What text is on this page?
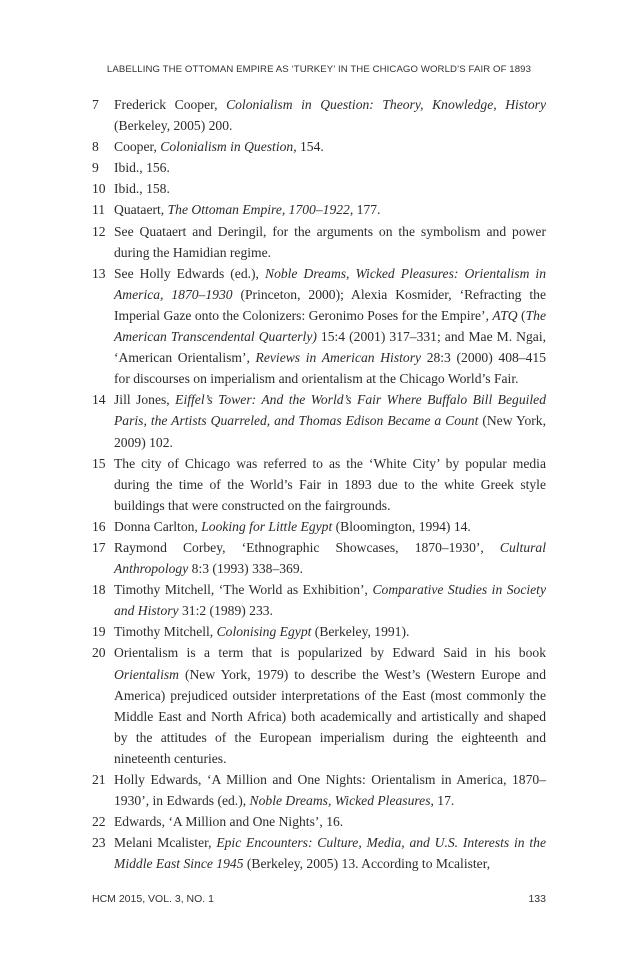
LABELLING THE OTTOMAN EMPIRE AS ‘TURKEY’ IN THE CHICAGO WORLD’S FAIR OF 1893
7 Frederick Cooper, Colonialism in Question: Theory, Knowledge, History (Berkeley, 2005) 200.
8 Cooper, Colonialism in Question, 154.
9 Ibid., 156.
10 Ibid., 158.
11 Quataert, The Ottoman Empire, 1700–1922, 177.
12 See Quataert and Deringil, for the arguments on the symbolism and power during the Hamidian regime.
13 See Holly Edwards (ed.), Noble Dreams, Wicked Pleasures: Orientalism in America, 1870–1930 (Princeton, 2000); Alexia Kosmider, ‘Refracting the Imperial Gaze onto the Colonizers: Geronimo Poses for the Empire’, ATQ (The American Transcendental Quarterly) 15:4 (2001) 317–331; and Mae M. Ngai, ‘American Orientalism’, Reviews in American History 28:3 (2000) 408–415 for discourses on imperialism and orientalism at the Chicago World’s Fair.
14 Jill Jones, Eiffel’s Tower: And the World’s Fair Where Buffalo Bill Beguiled Paris, the Artists Quarreled, and Thomas Edison Became a Count (New York, 2009) 102.
15 The city of Chicago was referred to as the ‘White City’ by popular media during the time of the World’s Fair in 1893 due to the white Greek style buildings that were constructed on the fairgrounds.
16 Donna Carlton, Looking for Little Egypt (Bloomington, 1994) 14.
17 Raymond Corbey, ‘Ethnographic Showcases, 1870–1930’, Cultural Anthropology 8:3 (1993) 338–369.
18 Timothy Mitchell, ‘The World as Exhibition’, Comparative Studies in Society and History 31:2 (1989) 233.
19 Timothy Mitchell, Colonising Egypt (Berkeley, 1991).
20 Orientalism is a term that is popularized by Edward Said in his book Orientalism (New York, 1979) to describe the West’s (Western Europe and America) prejudiced outsider interpretations of the East (most commonly the Middle East and North Africa) both academically and artistically and shaped by the attitudes of the European imperialism during the eighteenth and nineteenth centuries.
21 Holly Edwards, ‘A Million and One Nights: Orientalism in America, 1870–1930’, in Edwards (ed.), Noble Dreams, Wicked Pleasures, 17.
22 Edwards, ‘A Million and One Nights’, 16.
23 Melani Mcalister, Epic Encounters: Culture, Media, and U.S. Interests in the Middle East Since 1945 (Berkeley, 2005) 13. According to Mcalister,
HCM 2015, VOL. 3, NO. 1	133
